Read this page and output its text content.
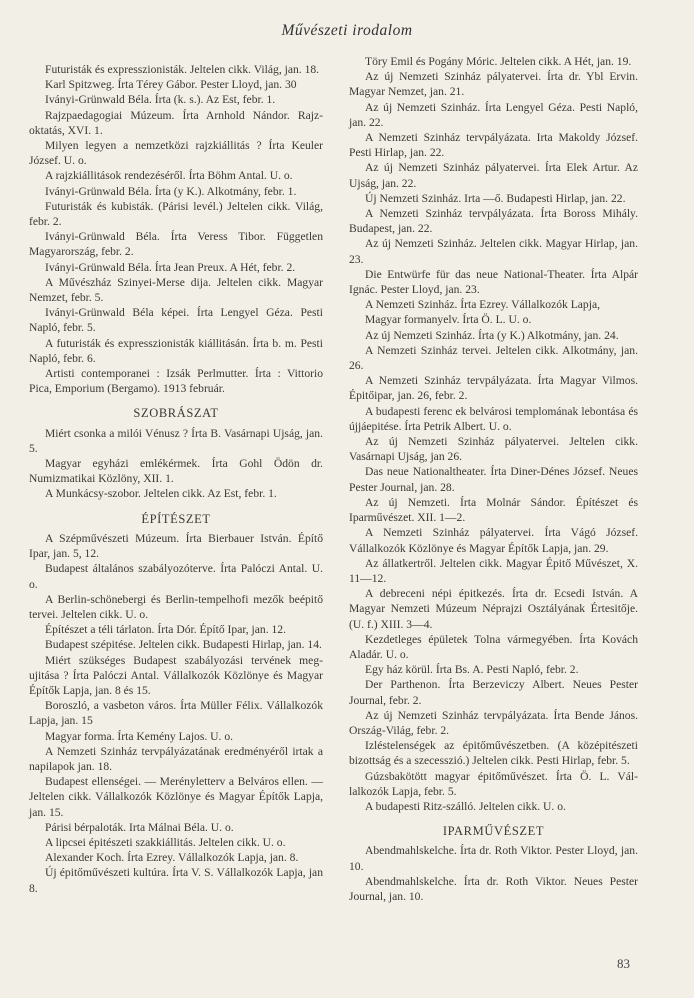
Művészeti irodalom
Futuristák és expresszionisták. Jeltelen cikk. Világ, jan. 18.
Karl Spitzweg. Írta Térey Gábor. Pester Lloyd, jan. 30
Iványi-Grünwald Béla. Írta (k. s.). Az Est, febr. 1.
Rajzpaedagogiai Múzeum. Írta Arnhold Nándor. Rajzoktatás, XVI. 1.
Milyen legyen a nemzetközi rajzkiállitás ? Írta Keuler József. U. o.
A rajzkiállitások rendezéséről. Írta Böhm Antal. U. o.
Iványi-Grünwald Béla. Írta (y K.). Alkotmány, febr. 1.
Futuristák és kubisták. (Párisi levél.) Jeltelen cikk. Világ, febr. 2.
Iványi-Grünwald Béla. Írta Veress Tibor. Független Magyarország, febr. 2.
Iványi-Grünwald Béla. Írta Jean Preux. A Hét, febr. 2.
A Művészház Szinyei-Merse dija. Jeltelen cikk. Magyar Nemzet, febr. 5.
Iványi-Grünwald Béla képei. Írta Lengyel Géza. Pesti Napló, febr. 5.
A futuristák és expresszionisták kiállitásán. Írta b. m. Pesti Napló, febr. 6.
Artisti contemporanei : Izsák Perlmutter. Írta : Vittorio Pica, Emporium (Bergamo). 1913 február.
SZOBRÁSZAT
Miért csonka a milói Vénusz ? Írta B. Vasárnapi Ujság, jan. 5.
Magyar egyházi emlékérmek. Írta Gohl Ödön dr. Numizmatikai Közlöny, XII. 1.
A Munkácsy-szobor. Jeltelen cikk. Az Est, febr. 1.
ÉPÍTÉSZET
A Szépművészeti Múzeum. Írta Bierbauer István. Építő Ipar, jan. 5, 12.
Budapest általános szabályozóterve. Írta Palóczi Antal. U. o.
A Berlin-schönebergi és Berlin-tempelhofi mezők beépitő tervei. Jeltelen cikk. U. o.
Építészet a téli tárlaton. Írta Dór. Építő Ipar, jan. 12.
Budapest szépitése. Jeltelen cikk. Budapesti Hirlap, jan. 14.
Miért szükséges Budapest szabályozási tervének megujitása ? Írta Palóczi Antal. Vállalkozók Közlönye és Magyar Építők Lapja, jan. 8 és 15.
Boroszló, a vasbeton város. Írta Müller Félix. Vállalkozók Lapja, jan. 15
Magyar forma. Írta Kemény Lajos. U. o.
A Nemzeti Szinház tervpályázatának eredményéről irtak a napilapok jan. 18.
Budapest ellenségei. — Merényletterv a Belváros ellen. — Jeltelen cikk. Vállalkozók Közlönye és Magyar Építők Lapja, jan. 15.
Párisi bérpaloták. Irta Málnai Béla. U. o.
A lipcsei épitészeti szakkiállitás. Jeltelen cikk. U. o.
Alexander Koch. Írta Ezrey. Vállalkozók Lapja, jan. 8.
Új épitőművészeti kultúra. Írta V. S. Vállalkozók Lapja, jan 8.
Töry Emil és Pogány Móric. Jeltelen cikk. A Hét, jan. 19.
Az új Nemzeti Szinház pályatervei. Írta dr. Ybl Ervin. Magyar Nemzet, jan. 21.
Az új Nemzeti Szinház. Írta Lengyel Géza. Pesti Napló, jan. 22.
A Nemzeti Szinház tervpályázata. Irta Makoldy József. Pesti Hirlap, jan. 22.
Az új Nemzeti Szinház pályatervei. Írta Elek Artur. Az Ujság, jan. 22.
Új Nemzeti Szinház. Irta —ő. Budapesti Hirlap, jan. 22.
A Nemzeti Szinház tervpályázata. Írta Boross Mihály. Budapest, jan. 22.
Az új Nemzeti Szinház. Jeltelen cikk. Magyar Hirlap, jan. 23.
Die Entwürfe für das neue National-Theater. Írta Alpár Ignác. Pester Lloyd, jan. 23.
A Nemzeti Szinház. Írta Ezrey. Vállalkozók Lapja,
Magyar formanyelv. Írta Ö. L. U. o.
Az új Nemzeti Szinház. Írta (y K.) Alkotmány, jan. 24.
A Nemzeti Szinház tervei. Jeltelen cikk. Alkotmány, jan. 26.
A Nemzeti Szinház tervpályázata. Írta Magyar Vilmos. Épitőipar, jan. 26, febr. 2.
A budapesti ferenc ek belvárosi templomának lebontása és újjáepitése. Írta Petrik Albert. U. o.
Az új Nemzeti Szinház pályatervei. Jeltelen cikk. Vasárnapi Ujság, jan 26.
Das neue Nationaltheater. Írta Diner-Dénes József. Neues Pester Journal, jan. 28.
Az új Nemzeti. Írta Molnár Sándor. Építészet és Iparművészet. XII. 1—2.
A Nemzeti Szinház pályatervei. Írta Vágó József. Vállalkozók Közlönye és Magyar Építők Lapja, jan. 29.
Az állatkertről. Jeltelen cikk. Magyar Épitő Művészet, X. 11—12.
A debreceni népi épitkezés. Írta dr. Ecsedi István. A Magyar Nemzeti Múzeum Néprajzi Osztályának Értesitője. (U. f.) XIII. 3—4.
Kezdetleges épületek Tolna vármegyében. Írta Kovách Aladár. U. o.
Egy ház körül. Írta Bs. A. Pesti Napló, febr. 2.
Der Parthenon. Írta Berzeviczy Albert. Neues Pester Journal, febr. 2.
Az új Nemzeti Szinház tervpályázata. Írta Bende János. Ország-Világ, febr. 2.
Izléstelenségek az épitőművészetben. (A középitészeti bizottság és a szecesszió.) Jeltelen cikk. Pesti Hirlap, febr. 5.
Gúzsbakötött magyar épitőművészet. Írta Ö. L. Vállalkozók Lapja, febr. 5.
A budapesti Ritz-szálló. Jeltelen cikk. U. o.
IPARMŰVÉSZET
Abendmahlskelche. Írta dr. Roth Viktor. Pester Lloyd, jan. 10.
Abendmahlskelche. Írta dr. Roth Viktor. Neues Pester Journal, jan. 10.
83
